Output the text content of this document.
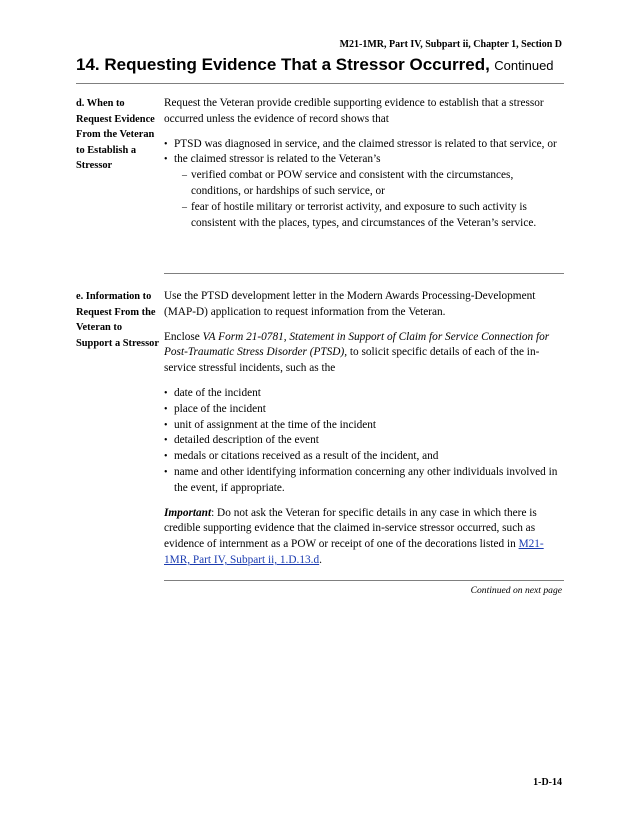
M21-1MR, Part IV, Subpart ii, Chapter 1, Section D
14. Requesting Evidence That a Stressor Occurred, Continued
d. When to Request Evidence From the Veteran to Establish a Stressor

Request the Veteran provide credible supporting evidence to establish that a stressor occurred unless the evidence of record shows that

• PTSD was diagnosed in service, and the claimed stressor is related to that service, or
• the claimed stressor is related to the Veteran’s
– verified combat or POW service and consistent with the circumstances, conditions, or hardships of such service, or
– fear of hostile military or terrorist activity, and exposure to such activity is consistent with the places, types, and circumstances of the Veteran’s service.
e. Information to Request From the Veteran to Support a Stressor

Use the PTSD development letter in the Modern Awards Processing-Development (MAP-D) application to request information from the Veteran.

Enclose VA Form 21-0781, Statement in Support of Claim for Service Connection for Post-Traumatic Stress Disorder (PTSD), to solicit specific details of each of the in-service stressful incidents, such as the

• date of the incident
• place of the incident
• unit of assignment at the time of the incident
• detailed description of the event
• medals or citations received as a result of the incident, and
• name and other identifying information concerning any other individuals involved in the event, if appropriate.

Important: Do not ask the Veteran for specific details in any case in which there is credible supporting evidence that the claimed in-service stressor occurred, such as evidence of internment as a POW or receipt of one of the decorations listed in M21-1MR, Part IV, Subpart ii, 1.D.13.d.

Continued on next page
1-D-14
